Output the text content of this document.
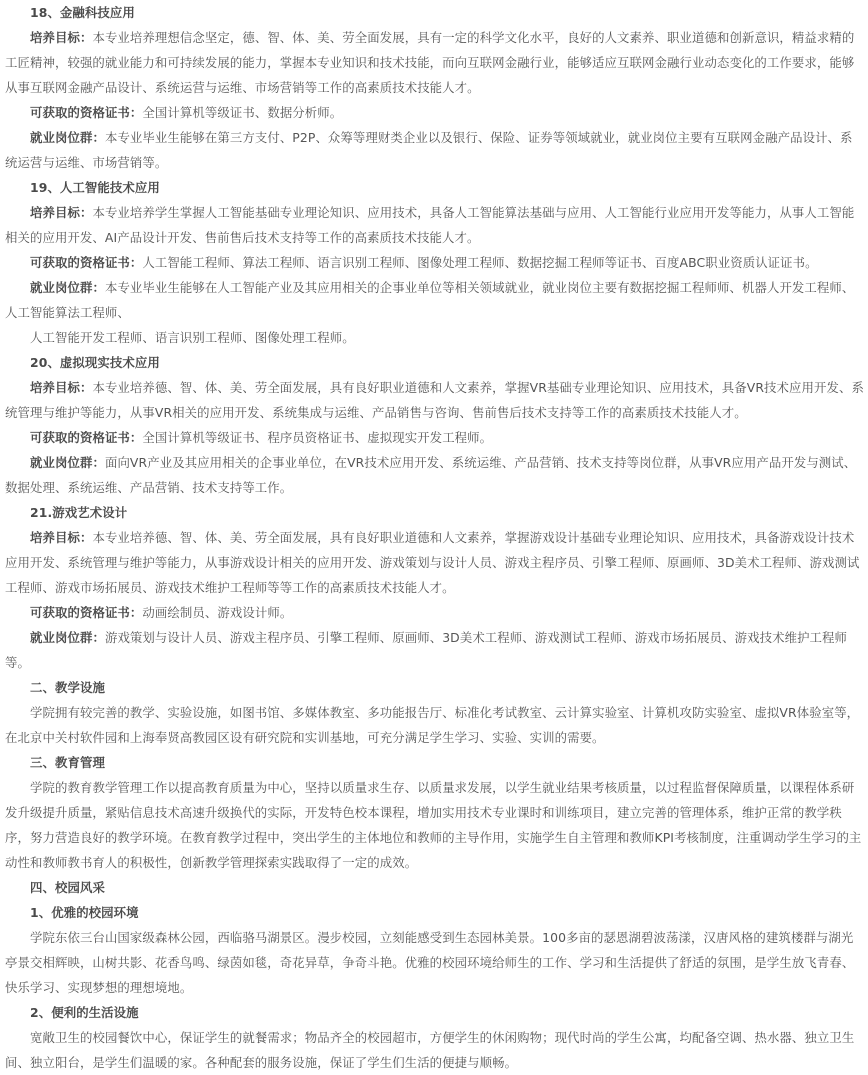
18、金融科技应用

培养目标：本专业培养理想信念坚定，德、智、体、美、劳全面发展，具有一定的科学文化水平，良好的人文素养、职业道德和创新意识，精益求精的工匠精神，较强的就业能力和可持续发展的能力，掌握本专业知识和技术技能，而向互联网金融行业，能够适应互联网金融行业动态变化的工作要求，能够从事互联网金融产品设计、系统运营与运维、市场营销等工作的高素质技术技能人才。

可获取的资格证书：全国计算机等级证书、数据分析师。

就业岗位群：本专业毕业生能够在第三方支付、P2P、众筹等理财类企业以及银行、保险、证券等领域就业，就业岗位主要有互联网金融产品设计、系统运营与运维、市场营销等。

19、人工智能技术应用

培养目标：本专业培养学生掌握人工智能基础专业理论知识、应用技术，具备人工智能算法基础与应用、人工智能行业应用开发等能力，从事人工智能相关的应用开发、AI产品设计开发、售前售后技术支持等工作的高素质技术技能人才。

可获取的资格证书：人工智能工程师、算法工程师、语言识别工程师、图像处理工程师、数据挖掘工程师等证书、百度ABC职业资质认证证书。

就业岗位群：本专业毕业生能够在人工智能产业及其应用相关的企事业单位等相关领域就业，就业岗位主要有数据挖掘工程师师、机器人开发工程师、人工智能算法工程师、

人工智能开发工程师、语言识别工程师、图像处理工程师。

20、虚拟现实技术应用

培养目标：本专业培养德、智、体、美、劳全面发展，具有良好职业道德和人文素养，掌握VR基础专业理论知识、应用技术，具备VR技术应用开发、系统管理与维护等能力，从事VR相关的应用开发、系统集成与运维、产品销售与咨询、售前售后技术支持等工作的高素质技术技能人才。

可获取的资格证书：全国计算机等级证书、程序员资格证书、虚拟现实开发工程师。

就业岗位群：面向VR产业及其应用相关的企事业单位，在VR技术应用开发、系统运维、产品营销、技术支持等岗位群，从事VR应用产品开发与测试、数据处理、系统运维、产品营销、技术支持等工作。

21.游戏艺术设计

培养目标：本专业培养德、智、体、美、劳全面发展，具有良好职业道德和人文素养，掌握游戏设计基础专业理论知识、应用技术，具备游戏设计技术应用开发、系统管理与维护等能力，从事游戏设计相关的应用开发、游戏策划与设计人员、游戏主程序员、引擎工程师、原画师、3D美术工程师、游戏测试工程师、游戏市场拓展员、游戏技术维护工程师等等工作的高素质技术技能人才。

可获取的资格证书：动画绘制员、游戏设计师。

就业岗位群：游戏策划与设计人员、游戏主程序员、引擎工程师、原画师、3D美术工程师、游戏测试工程师、游戏市场拓展员、游戏技术维护工程师等。

二、教学设施

学院拥有较完善的教学、实验设施，如图书馆、多媒体教室、多功能报告厅、标准化考试教室、云计算实验室、计算机攻防实验室、虚拟VR体验室等，在北京中关村软件园和上海奉贤高教园区设有研究院和实训基地，可充分满足学生学习、实验、实训的需要。

三、教育管理

学院的教育教学管理工作以提高教育质量为中心，坚持以质量求生存、以质量求发展，以学生就业结果考核质量，以过程监督保障质量，以课程体系研发升级提升质量，紧贴信息技术高速升级换代的实际，开发特色校本课程，增加实用技术专业课时和训练项目，建立完善的管理体系，维护正常的教学秩序，努力营造良好的教学环境。在教育教学过程中，突出学生的主体地位和教师的主导作用，实施学生自主管理和教师KPI考核制度，注重调动学生学习的主动性和教师教书育人的积极性，创新教学管理探索实践取得了一定的成效。

四、校园风采

1、优雅的校园环境

学院东依三台山国家级森林公园，西临骆马湖景区。漫步校园，立刻能感受到生态园林美景。100多亩的瑟恩湖碧波荡漾，汉唐风格的建筑楼群与湖光亭景交相辉映，山树共影、花香鸟鸣、绿茵如毯，奇花异草，争奇斗艳。优雅的校园环境给师生的工作、学习和生活提供了舒适的氛围，是学生放飞青春、快乐学习、实现梦想的理想境地。

2、便利的生活设施

宽敞卫生的校园餐饮中心，保证学生的就餐需求；物品齐全的校园超市，方便学生的休闲购物；现代时尚的学生公寓，均配备空调、热水器、独立卫生间、独立阳台，是学生们温暖的家。各种配套的服务设施，保证了学生们生活的便捷与顺畅。
